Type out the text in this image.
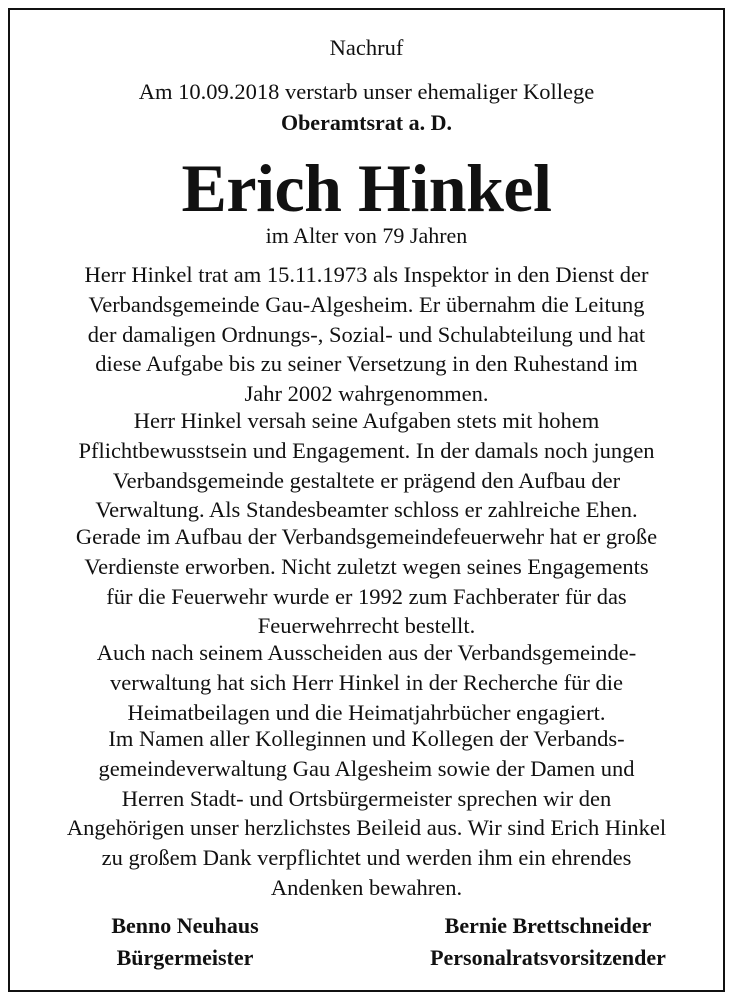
Nachruf
Am 10.09.2018 verstarb unser ehemaliger Kollege
Oberamtsrat a. D.
Erich Hinkel
im Alter von 79 Jahren
Herr Hinkel trat am 15.11.1973 als Inspektor in den Dienst der
Verbandsgemeinde Gau-Algesheim. Er übernahm die Leitung
der damaligen Ordnungs-, Sozial- und Schulabteilung und hat
diese Aufgabe bis zu seiner Versetzung in den Ruhestand im
Jahr 2002 wahrgenommen.
Herr Hinkel versah seine Aufgaben stets mit hohem
Pflichtbewusstsein und Engagement. In der damals noch jungen
Verbandsgemeinde gestaltete er prägend den Aufbau der
Verwaltung. Als Standesbeamter schloss er zahlreiche Ehen.
Gerade im Aufbau der Verbandsgemeindefeuerwehr hat er große
Verdienste erworben. Nicht zuletzt wegen seines Engagements
für die Feuerwehr wurde er 1992 zum Fachberater für das
Feuerwehrrecht bestellt.
Auch nach seinem Ausscheiden aus der Verbandsgemeinde-
verwaltung hat sich Herr Hinkel in der Recherche für die
Heimatbeilagen und die Heimatjahrbücher engagiert.
Im Namen aller Kolleginnen und Kollegen der Verbands-
gemeindeverwaltung Gau Algesheim sowie der Damen und
Herren Stadt- und Ortsbürgermeister sprechen wir den
Angehörigen unser herzlichstes Beileid aus. Wir sind Erich Hinkel
zu großem Dank verpflichtet und werden ihm ein ehrendes
Andenken bewahren.
Benno Neuhaus
Bürgermeister
Bernie Brettschneider
Personalratsvorsitzender
